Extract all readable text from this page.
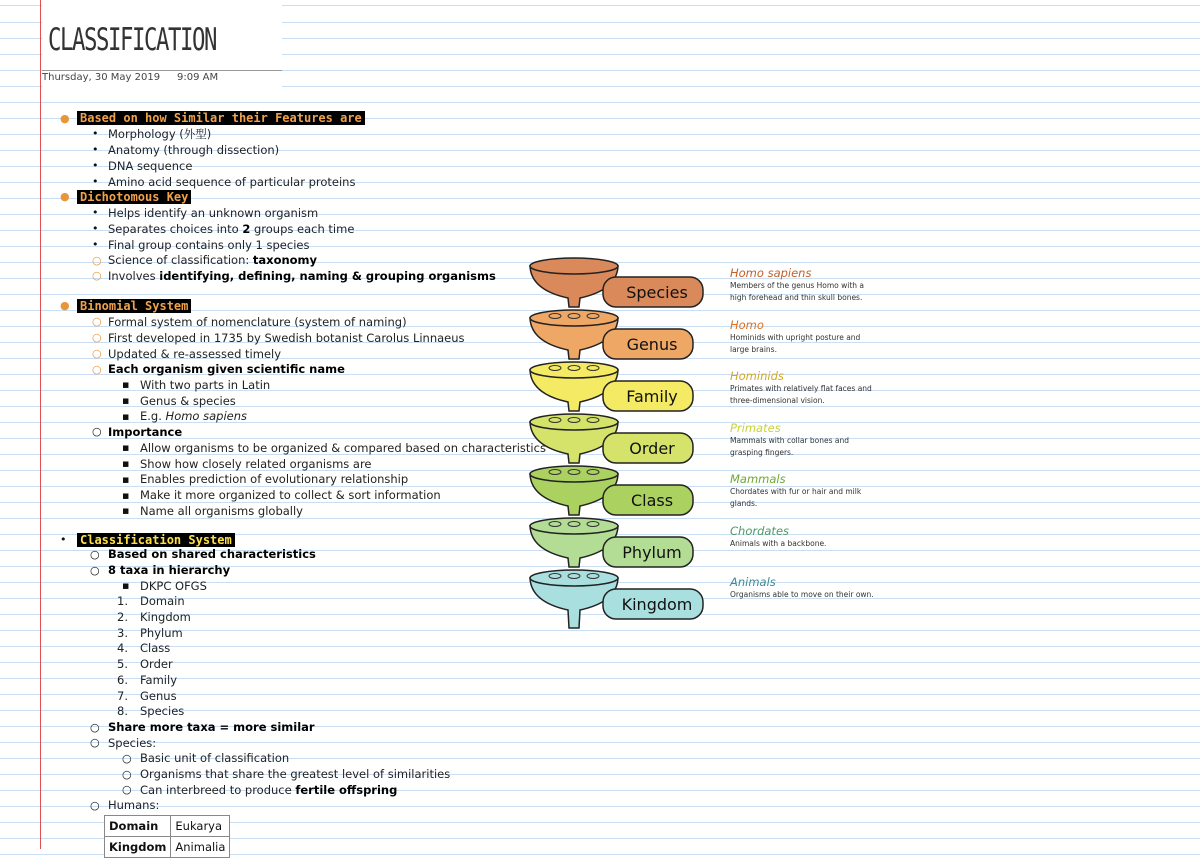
CLASSIFICATION
Thursday, 30 May 2019 9:09 AM
● Based on how Similar their Features are
• Morphology (外型)
• Anatomy (through dissection)
• DNA sequence
• Amino acid sequence of particular proteins
● Dichotomous Key
• Helps identify an unknown organism
• Separates choices into 2 groups each time
• Final group contains only 1 species
○ Science of classification: taxonomy
○ Involves identifying, defining, naming & grouping organisms
● Binomial System
○ Formal system of nomenclature (system of naming)
○ First developed in 1735 by Swedish botanist Carolus Linnaeus
○ Updated & re-assessed timely
○ Each organism given scientific name
▪ With two parts in Latin
▪ Genus & species
▪ E.g. Homo sapiens
○ Importance
▪ Allow organisms to be organized & compared based on characteristics
▪ Show how closely related organisms are
▪ Enables prediction of evolutionary relationship
▪ Make it more organized to collect & sort information
▪ Name all organisms globally
• Classification System
○ Based on shared characteristics
○ 8 taxa in hierarchy
▪ DKPC OFGS
1. Domain
2. Kingdom
3. Phylum
4. Class
5. Order
6. Family
7. Genus
8. Species
○ Share more taxa = more similar
○ Species:
○ Basic unit of classification
○ Organisms that share the greatest level of similarities
○ Can interbreed to produce fertile offspring
○ Humans:
Domain	Eukarya
Kingdom	Animalia
Species
Genus
Family
Order
Class
Phylum
Kingdom
Homo sapiens
Members of the genus Homo with a
high forehead and thin skull bones.
Homo
Hominids with upright posture and
large brains.
Hominids
Primates with relatively flat faces and
three-dimensional vision.
Primates
Mammals with collar bones and
grasping fingers.
Mammals
Chordates with fur or hair and milk
glands.
Chordates
Animals with a backbone.
Animals
Organisms able to move on their own.
